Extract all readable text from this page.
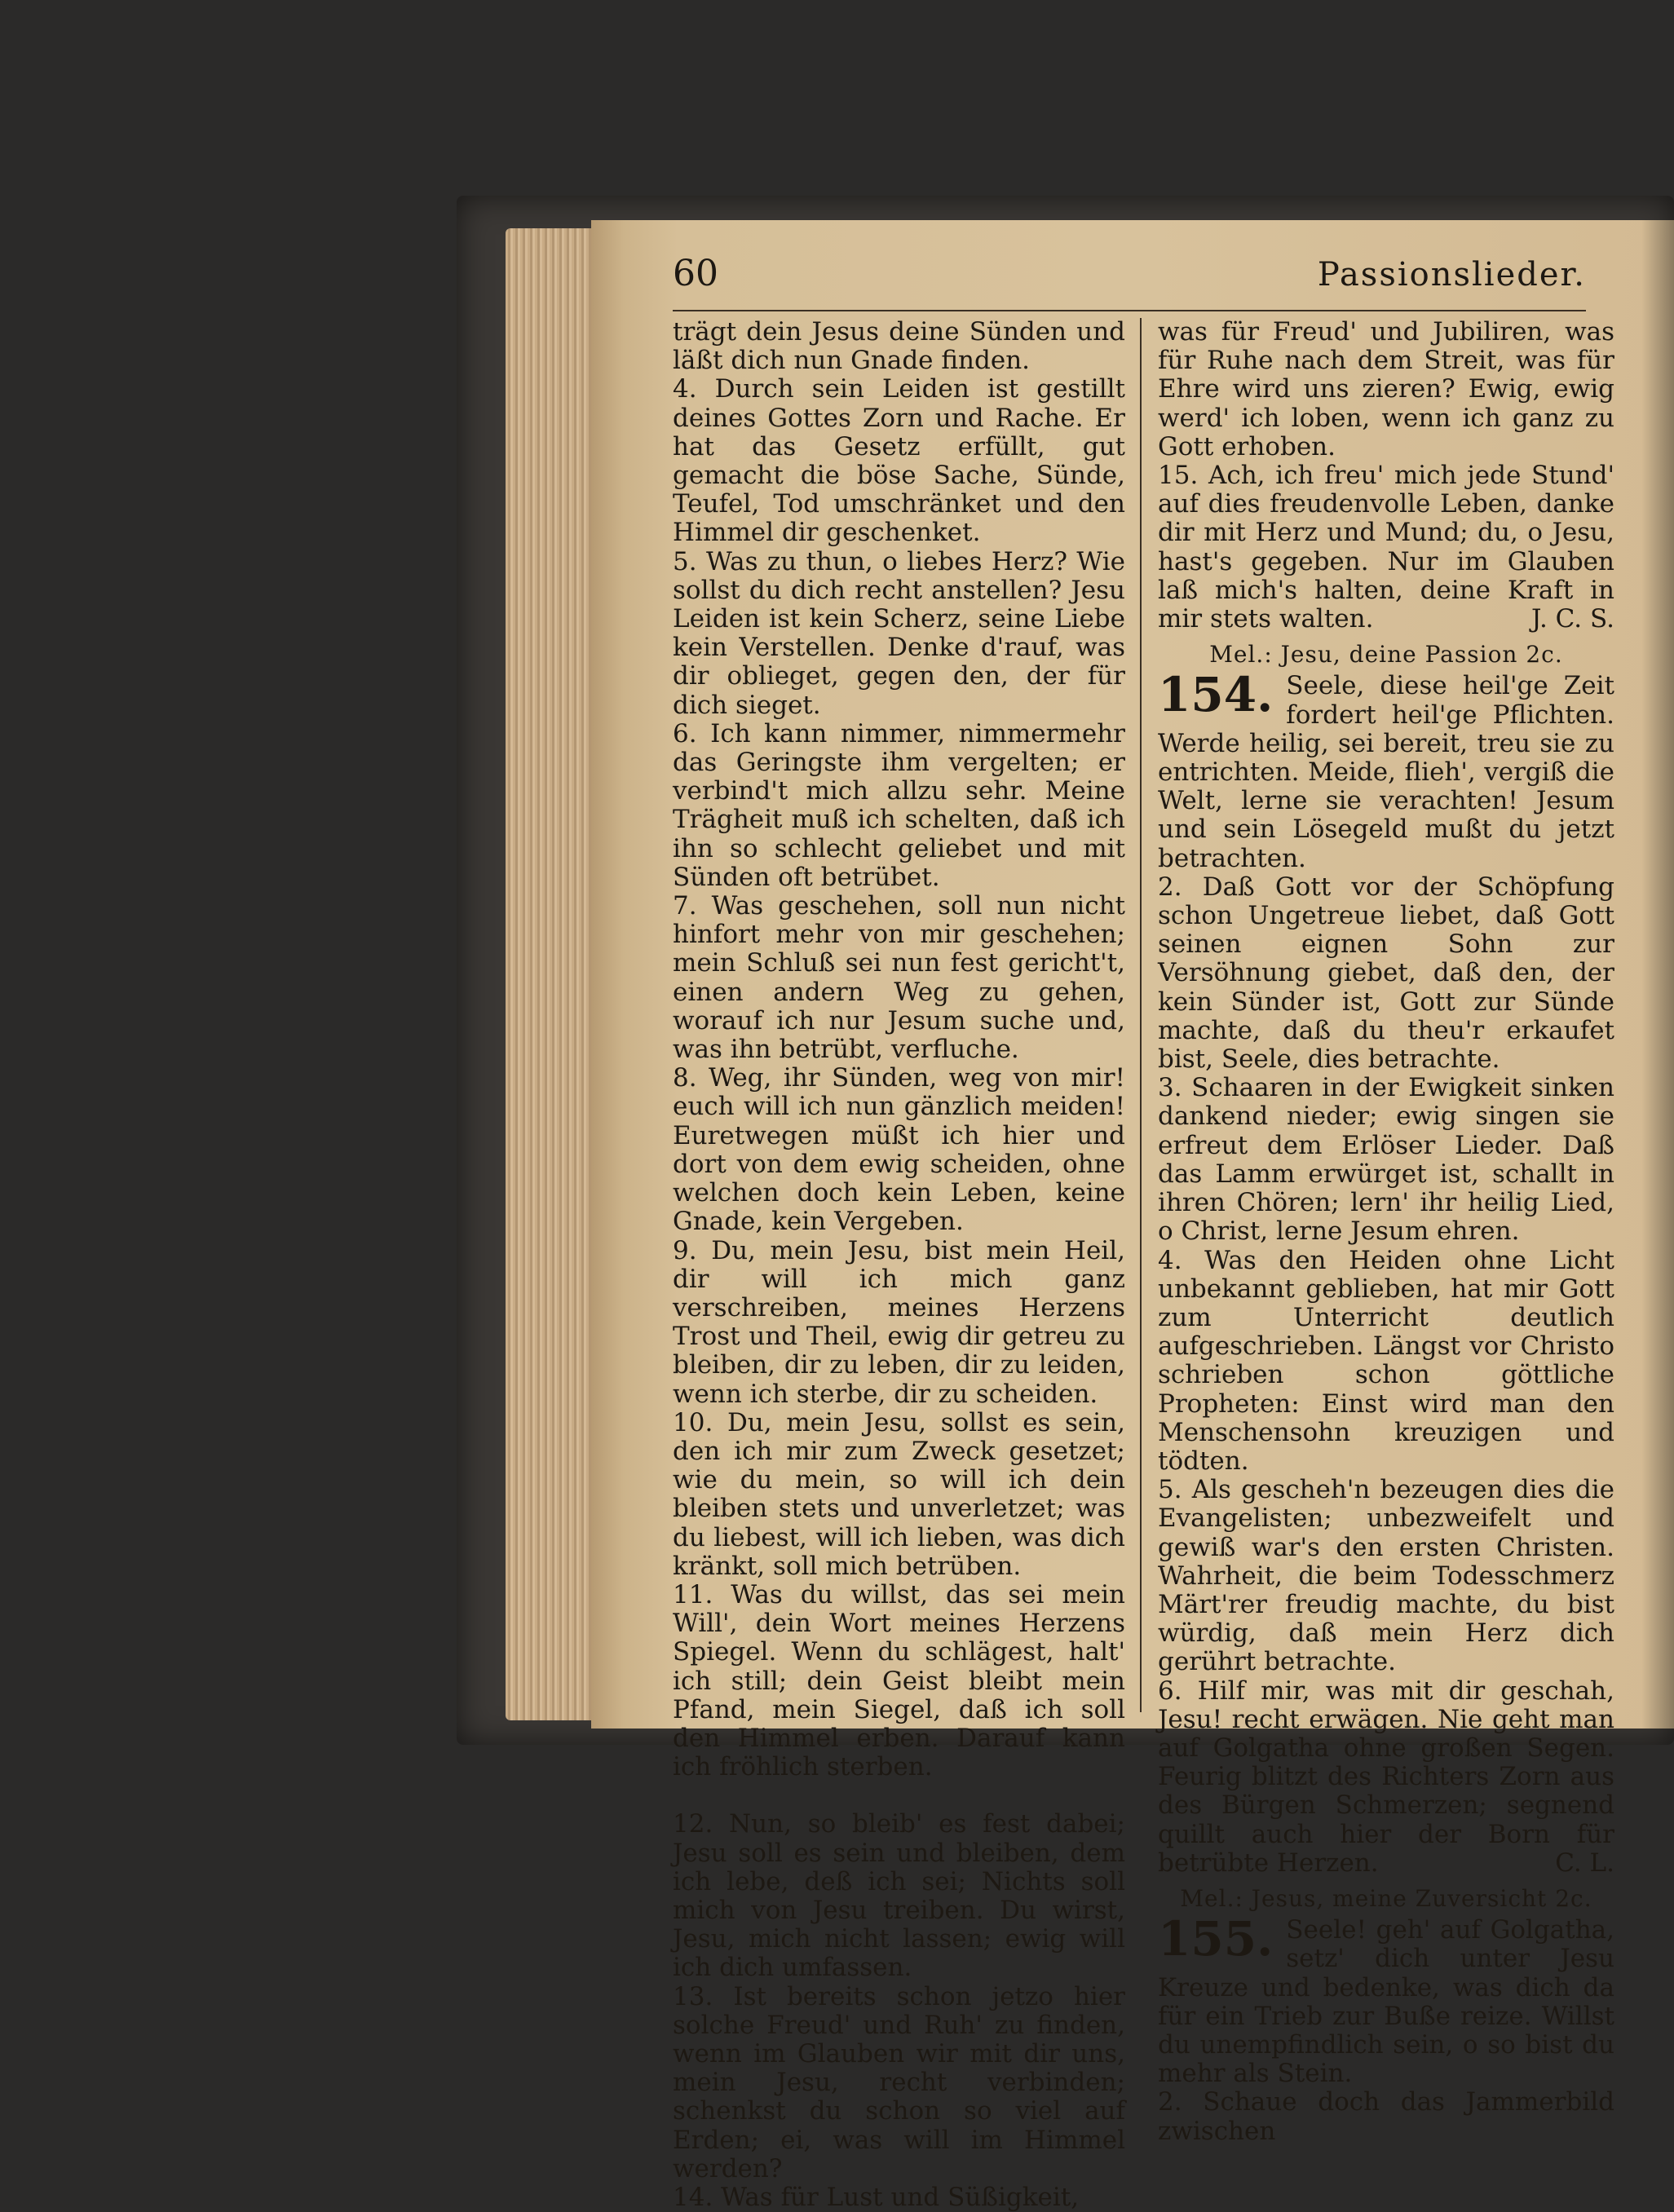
60	Passionslieder.

trägt dein Jesus deine Sünden und läßt dich nun Gnade finden.

4. Durch sein Leiden ist gestillt deines Gottes Zorn und Rache. Er hat das Gesetz erfüllt, gut gemacht die böse Sache, Sünde, Teufel, Tod umschränket und den Himmel dir geschenket.

5. Was zu thun, o liebes Herz? Wie sollst du dich recht anstellen? Jesu Leiden ist kein Scherz, seine Liebe kein Verstellen. Denke d'rauf, was dir oblieget, gegen den, der für dich sieget.

6. Ich kann nimmer, nimmermehr das Geringste ihm vergelten; er verbind't mich allzu sehr. Meine Trägheit muß ich schelten, daß ich ihn so schlecht geliebet und mit Sünden oft betrübet.

7. Was geschehen, soll nun nicht hinfort mehr von mir geschehen; mein Schluß sei nun fest gericht't, einen andern Weg zu gehen, worauf ich nur Jesum suche und, was ihn betrübt, verfluche.

8. Weg, ihr Sünden, weg von mir! euch will ich nun gänzlich meiden! Euretwegen müßt ich hier und dort von dem ewig scheiden, ohne welchen doch kein Leben, keine Gnade, kein Vergeben.

9. Du, mein Jesu, bist mein Heil, dir will ich mich ganz verschreiben, meines Herzens Trost und Theil, ewig dir getreu zu bleiben, dir zu leben, dir zu leiden, wenn ich sterbe, dir zu scheiden.

10. Du, mein Jesu, sollst es sein, den ich mir zum Zweck gesetzet; wie du mein, so will ich dein bleiben stets und unverletzet; was du liebest, will ich lieben, was dich kränkt, soll mich betrüben.

11. Was du willst, das sei mein Will', dein Wort meines Herzens Spiegel. Wenn du schlägest, halt' ich still; dein Geist bleibt mein Pfand, mein Siegel, daß ich soll den Himmel erben. Darauf kann ich fröhlich sterben.

12. Nun, so bleib' es fest dabei; Jesu soll es sein und bleiben, dem ich lebe, deß ich sei; Nichts soll mich von Jesu treiben. Du wirst, Jesu, mich nicht lassen; ewig will ich dich umfassen.

13. Ist bereits schon jetzo hier solche Freud' und Ruh' zu finden, wenn im Glauben wir mit dir uns, mein Jesu, recht verbinden; schenkst du schon so viel auf Erden; ei, was will im Himmel werden?

14. Was für Lust und Süßigkeit,

was für Freud' und Jubiliren, was für Ruhe nach dem Streit, was für Ehre wird uns zieren? Ewig, ewig werd' ich loben, wenn ich ganz zu Gott erhoben.

15. Ach, ich freu' mich jede Stund' auf dies freudenvolle Leben, danke dir mit Herz und Mund; du, o Jesu, hast's gegeben. Nur im Glauben laß mich's halten, deine Kraft in mir stets walten.	J. C. S.

Mel.: Jesu, deine Passion 2c.

154. Seele, diese heil'ge Zeit fordert heil'ge Pflichten. Werde heilig, sei bereit, treu sie zu entrichten. Meide, flieh', vergiß die Welt, lerne sie verachten! Jesum und sein Lösegeld mußt du jetzt betrachten.

2. Daß Gott vor der Schöpfung schon Ungetreue liebet, daß Gott seinen eignen Sohn zur Versöhnung giebet, daß den, der kein Sünder ist, Gott zur Sünde machte, daß du theu'r erkaufet bist, Seele, dies betrachte.

3. Schaaren in der Ewigkeit sinken dankend nieder; ewig singen sie erfreut dem Erlöser Lieder. Daß das Lamm erwürget ist, schallt in ihren Chören; lern' ihr heilig Lied, o Christ, lerne Jesum ehren.

4. Was den Heiden ohne Licht unbekannt geblieben, hat mir Gott zum Unterricht deutlich aufgeschrieben. Längst vor Christo schrieben schon göttliche Propheten: Einst wird man den Menschensohn kreuzigen und tödten.

5. Als gescheh'n bezeugen dies die Evangelisten; unbezweifelt und gewiß war's den ersten Christen. Wahrheit, die beim Todesschmerz Märt'rer freudig machte, du bist würdig, daß mein Herz dich gerührt betrachte.

6. Hilf mir, was mit dir geschah, Jesu! recht erwägen. Nie geht man auf Golgatha ohne großen Segen. Feurig blitzt des Richters Zorn aus des Bürgen Schmerzen; segnend quillt auch hier der Born für betrübte Herzen.	C. L.

Mel.: Jesus, meine Zuversicht 2c.

155. Seele! geh' auf Golgatha, setz' dich unter Jesu Kreuze und bedenke, was dich da für ein Trieb zur Buße reize. Willst du unempfindlich sein, o so bist du mehr als Stein.

2. Schaue doch das Jammerbild zwischen
